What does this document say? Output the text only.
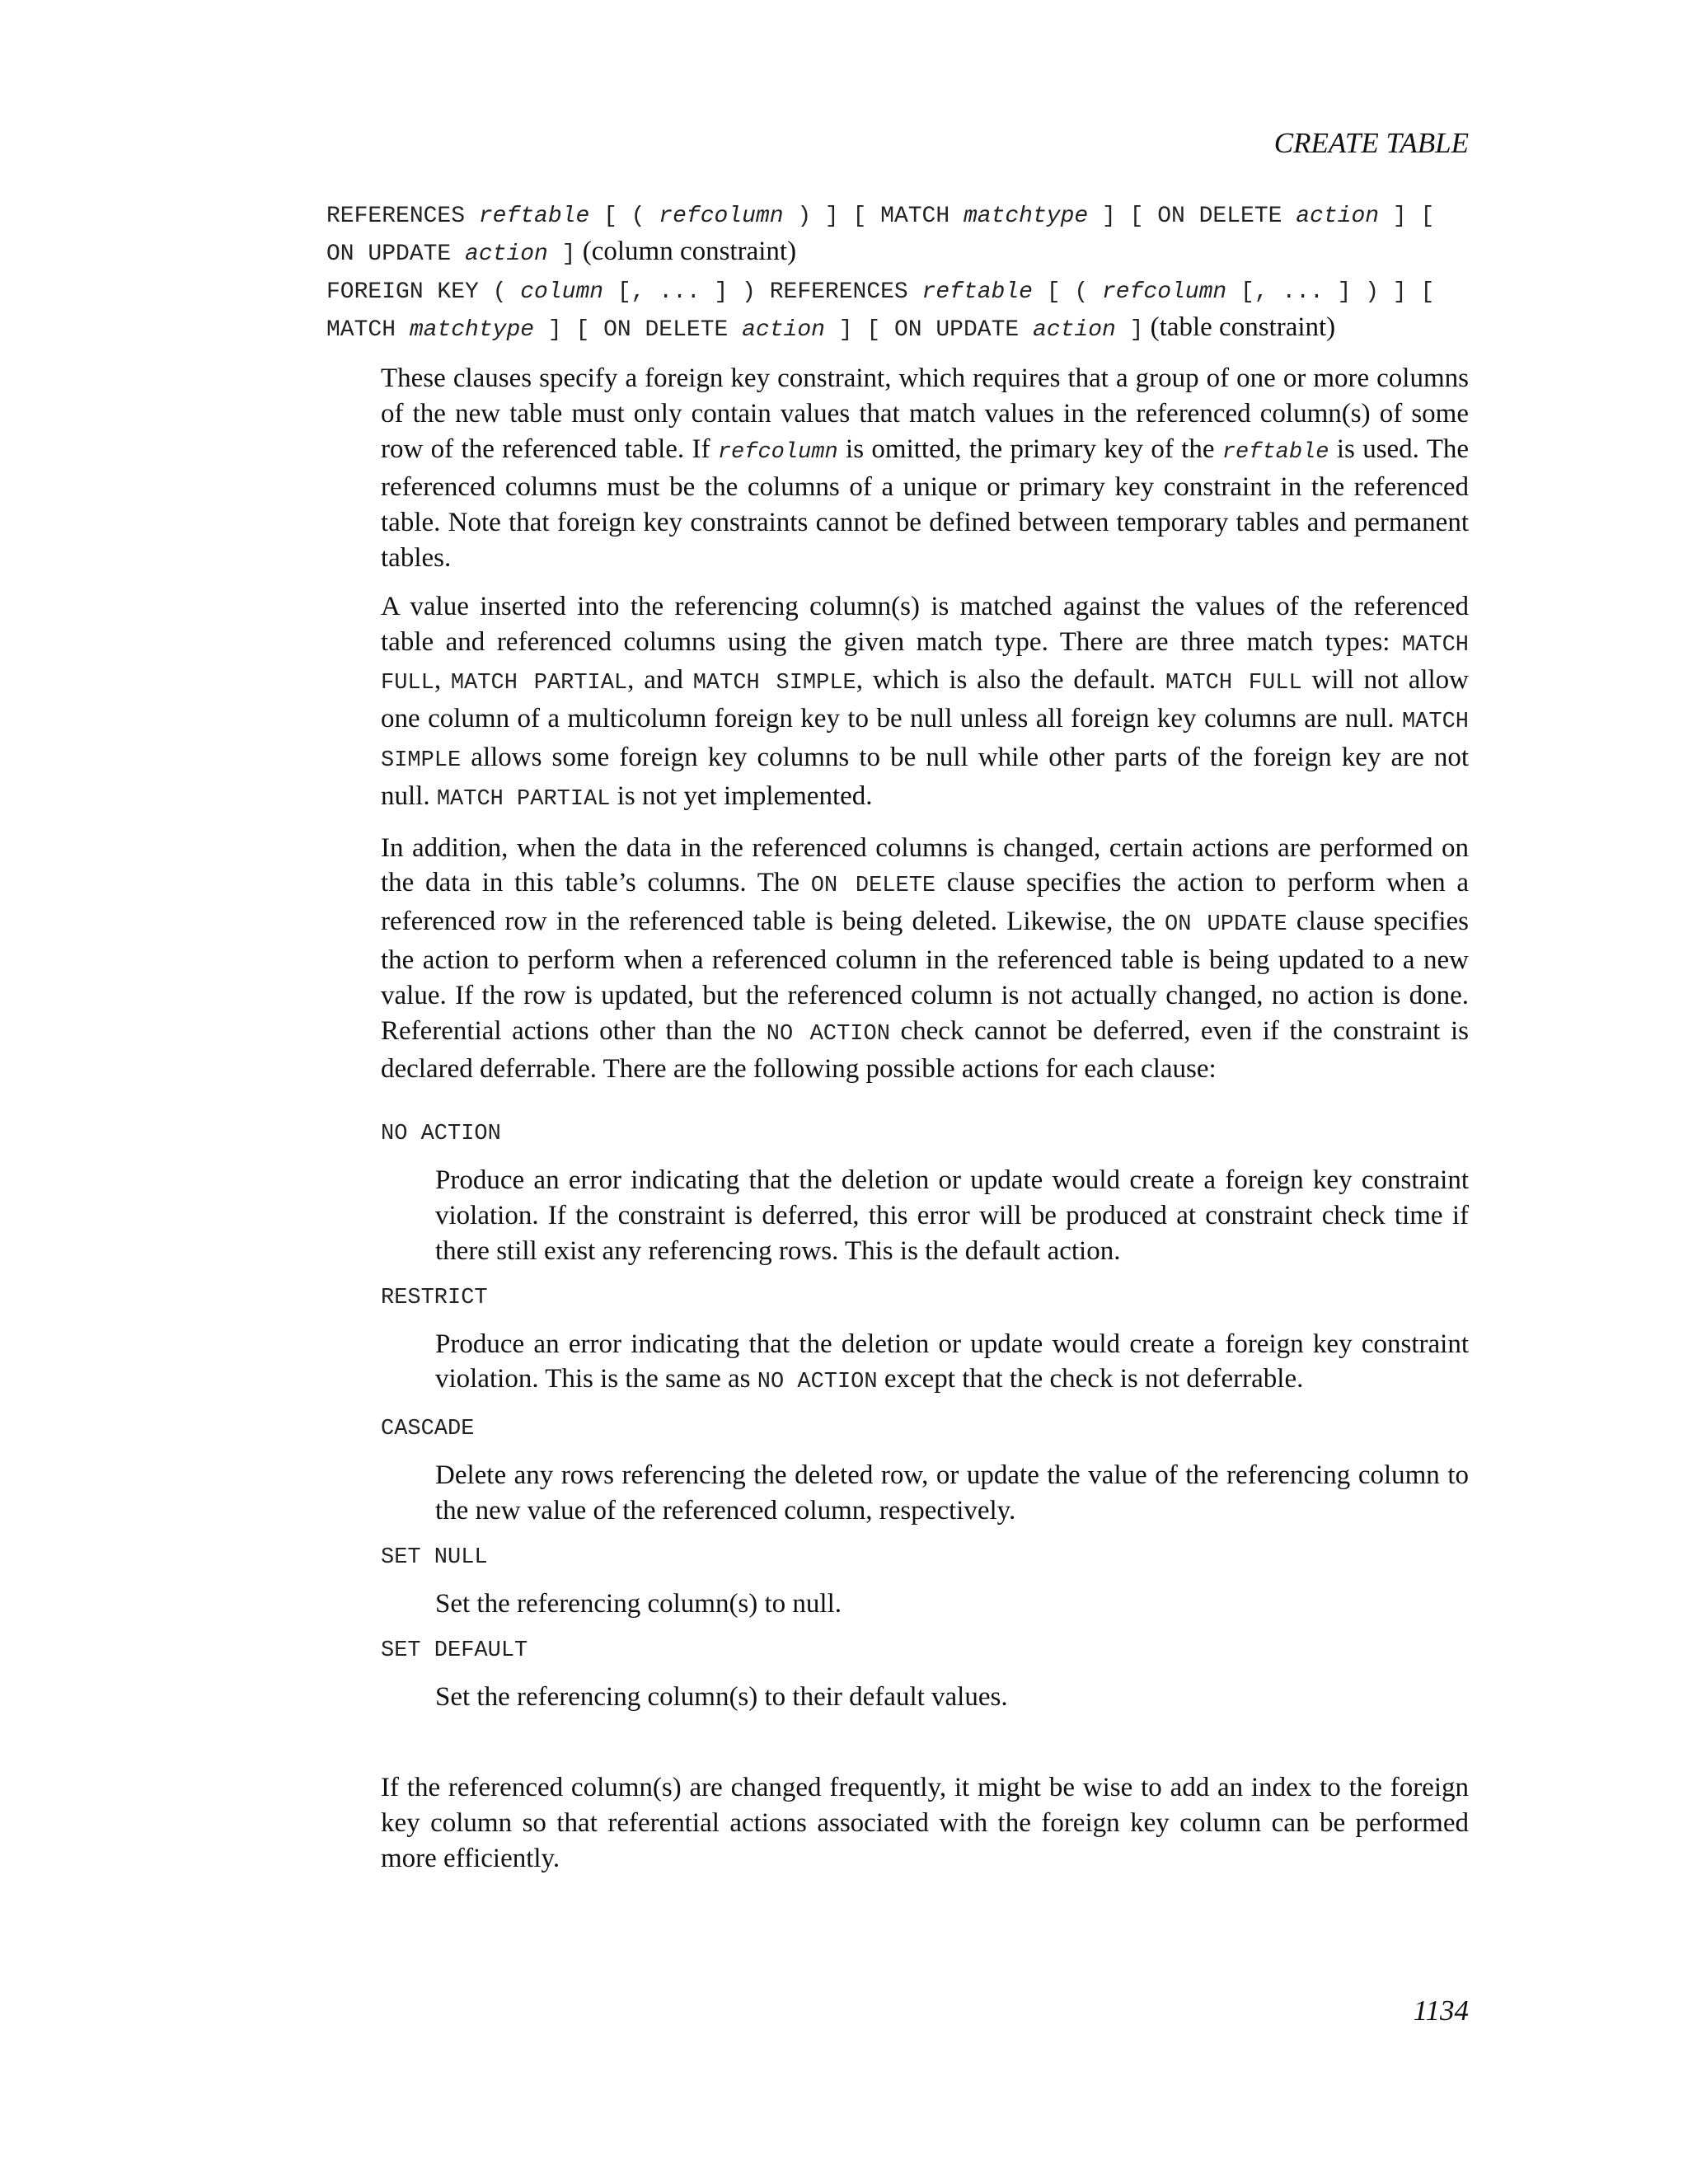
CREATE TABLE

REFERENCES reftable [ ( refcolumn ) ] [ MATCH matchtype ] [ ON DELETE action ] [

ON UPDATE action ] (column constraint)

FOREIGN KEY ( column [, ... ] ) REFERENCES reftable [ ( refcolumn [, ... ] ) ] [

MATCH matchtype ] [ ON DELETE action ] [ ON UPDATE action ] (table constraint)

These clauses specify a foreign key constraint, which requires that a group of one or more columns of the new table must only contain values that match values in the referenced column(s) of some row of the referenced table. If refcolumn is omitted, the primary key of the reftable is used. The referenced columns must be the columns of a unique or primary key constraint in the referenced table. Note that foreign key constraints cannot be defined between temporary tables and permanent tables.

A value inserted into the referencing column(s) is matched against the values of the referenced table and referenced columns using the given match type. There are three match types: MATCH FULL, MATCH PARTIAL, and MATCH SIMPLE, which is also the default. MATCH FULL will not allow one column of a multicolumn foreign key to be null unless all foreign key columns are null. MATCH SIMPLE allows some foreign key columns to be null while other parts of the foreign key are not null. MATCH PARTIAL is not yet implemented.

In addition, when the data in the referenced columns is changed, certain actions are performed on the data in this table’s columns. The ON DELETE clause specifies the action to perform when a referenced row in the referenced table is being deleted. Likewise, the ON UPDATE clause specifies the action to perform when a referenced column in the referenced table is being updated to a new value. If the row is updated, but the referenced column is not actually changed, no action is done. Referential actions other than the NO ACTION check cannot be deferred, even if the constraint is declared deferrable. There are the following possible actions for each clause:

NO ACTION

Produce an error indicating that the deletion or update would create a foreign key constraint violation. If the constraint is deferred, this error will be produced at constraint check time if there still exist any referencing rows. This is the default action.

RESTRICT

Produce an error indicating that the deletion or update would create a foreign key constraint violation. This is the same as NO ACTION except that the check is not deferrable.

CASCADE

Delete any rows referencing the deleted row, or update the value of the referencing column to the new value of the referenced column, respectively.

SET NULL

Set the referencing column(s) to null.

SET DEFAULT

Set the referencing column(s) to their default values.

If the referenced column(s) are changed frequently, it might be wise to add an index to the foreign key column so that referential actions associated with the foreign key column can be performed more efficiently.

1134
